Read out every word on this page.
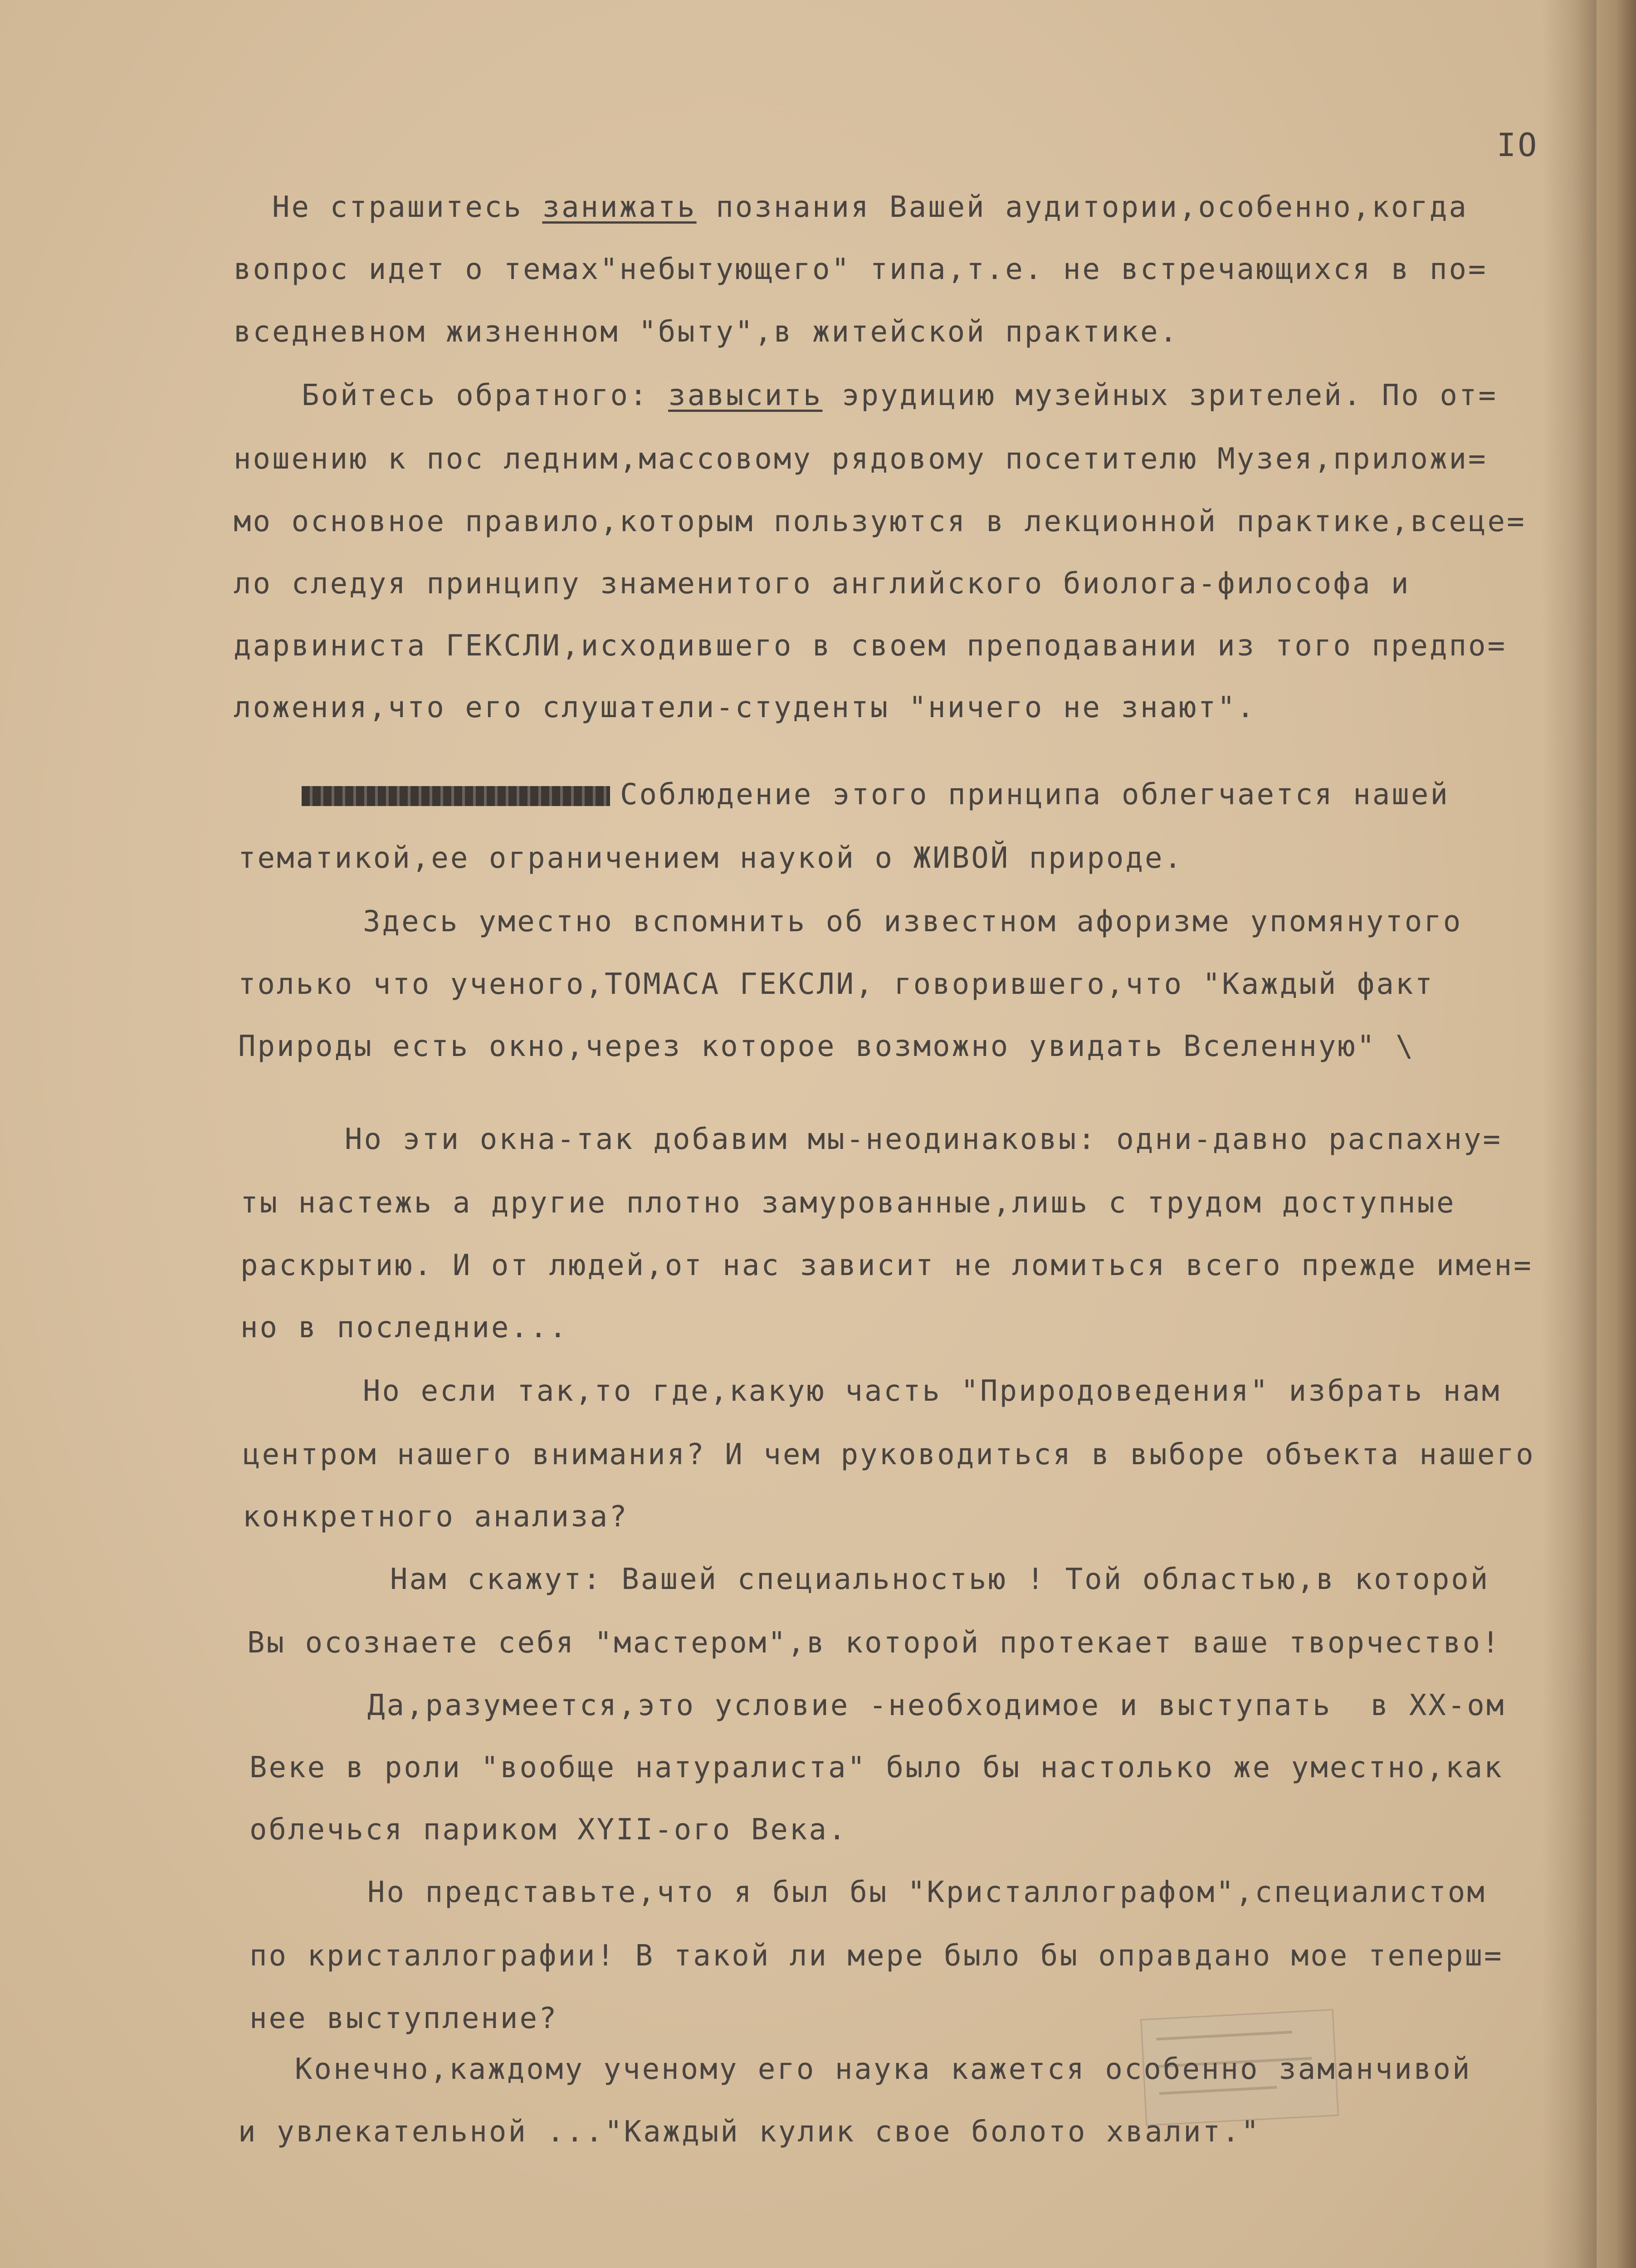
IO
Не страшитесь занижать познания Вашей аудитории,особенно,когда
вопрос идет о темах"небытующего" типа,т.е. не встречающихся в по=
вседневном жизненном "быту",в житейской практике.
Бойтесь обратного: завысить эрудицию музейных зрителей. По от=
ношению к пос ледним,массовому рядовому посетителю Музея,приложи=
мо основное правило,которым пользуются в лекционной практике,всеце=
ло следуя принципу знаменитого английского биолога-философа и
дарвиниста ГЕКСЛИ,исходившего в своем преподавании из того предпо=
ложения,что его слушатели-студенты "ничего не знают".
Соблюдение этого принципа облегчается нашей
тематикой,ее ограничением наукой о ЖИВОЙ природе.
Здесь уместно вспомнить об известном афоризме упомянутого
только что ученого,ТОМАСА ГЕКСЛИ, говорившего,что "Каждый факт
Природы есть окно,через которое возможно увидать Вселенную" \
Но эти окна-так добавим мы-неодинаковы: одни-давно распахну=
ты настежь а другие плотно замурованные,лишь с трудом доступные
раскрытию. И от людей,от нас зависит не ломиться всего прежде имен=
но в последние...
Но если так,то где,какую часть "Природоведения" избрать нам
центром нашего внимания? И чем руководиться в выборе объекта нашего
конкретного анализа?
Нам скажут: Вашей специальностью ! Той областью,в которой
Вы осознаете себя "мастером",в которой протекает ваше творчество!
Да,разумеется,это условие -необходимое и выступать  в XX-ом
Веке в роли "вообще натуралиста" было бы настолько же уместно,как
облечься париком XYII-ого Века.
Но представьте,что я был бы "Кристаллографом",специалистом
по кристаллографии! В такой ли мере было бы оправдано мое теперш=
нее выступление?
Конечно,каждому ученому его наука кажется особенно заманчивой
и увлекательной ..."Каждый кулик свое болото хвалит."
